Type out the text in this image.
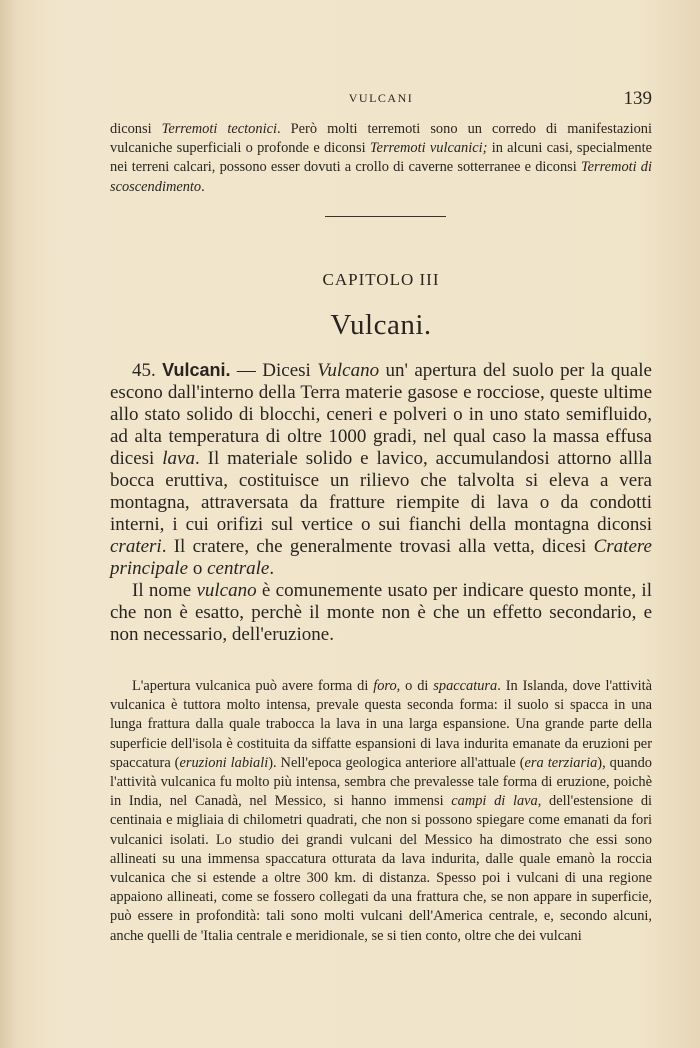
VULCANI	139

diconsi Terremoti tectonici. Però molti terremoti sono un corredo di manifestazioni vulcaniche superficiali o profonde e diconsi Terremoti vulcanici; in alcuni casi, specialmente nei terreni calcari, possono esser dovuti a crollo di caverne sotterranee e diconsi Terremoti di scoscendimento.

CAPITOLO III
Vulcani.

45. Vulcani. — Dicesi Vulcano un' apertura del suolo per la quale escono dall'interno della Terra materie gasose e rocciose, queste ultime allo stato solido di blocchi, ceneri e polveri o in uno stato semifluido, ad alta temperatura di oltre 1000 gradi, nel qual caso la massa effusa dicesi lava. Il materiale solido e lavico, accumulandosi attorno allla bocca eruttiva, costituisce un rilievo che talvolta si eleva a vera montagna, attraversata da fratture riempite di lava o da condotti interni, i cui orifizi sul vertice o sui fianchi della montagna diconsi crateri. Il cratere, che generalmente trovasi alla vetta, dicesi Cratere principale o centrale.

Il nome vulcano è comunemente usato per indicare questo monte, il che non è esatto, perchè il monte non è che un effetto secondario, e non necessario, dell'eruzione.

L'apertura vulcanica può avere forma di foro, o di spaccatura. In Islanda, dove l'attività vulcanica è tuttora molto intensa, prevale questa seconda forma: il suolo si spacca in una lunga frattura dalla quale trabocca la lava in una larga espansione. Una grande parte della superficie dell'isola è costituita da siffatte espansioni di lava indurita emanate da eruzioni per spaccatura (eruzioni labiali). Nell'epoca geologica anteriore all'attuale (era terziaria), quando l'attività vulcanica fu molto più intensa, sembra che prevalesse tale forma di eruzione, poichè in India, nel Canadà, nel Messico, si hanno immensi campi di lava, dell'estensione di centinaia e migliaia di chilometri quadrati, che non si possono spiegare come emanati da fori vulcanici isolati. Lo studio dei grandi vulcani del Messico ha dimostrato che essi sono allineati su una immensa spaccatura otturata da lava indurita, dalle quale emanò la roccia vulcanica che si estende a oltre 300 km. di distanza. Spesso poi i vulcani di una regione appaiono allineati, come se fossero collegati da una frattura che, se non appare in superficie, può essere in profondità: tali sono molti vulcani dell'America centrale, e, secondo alcuni, anche quelli de 'Italia centrale e meridionale, se si tien conto, oltre che dei vulcani
